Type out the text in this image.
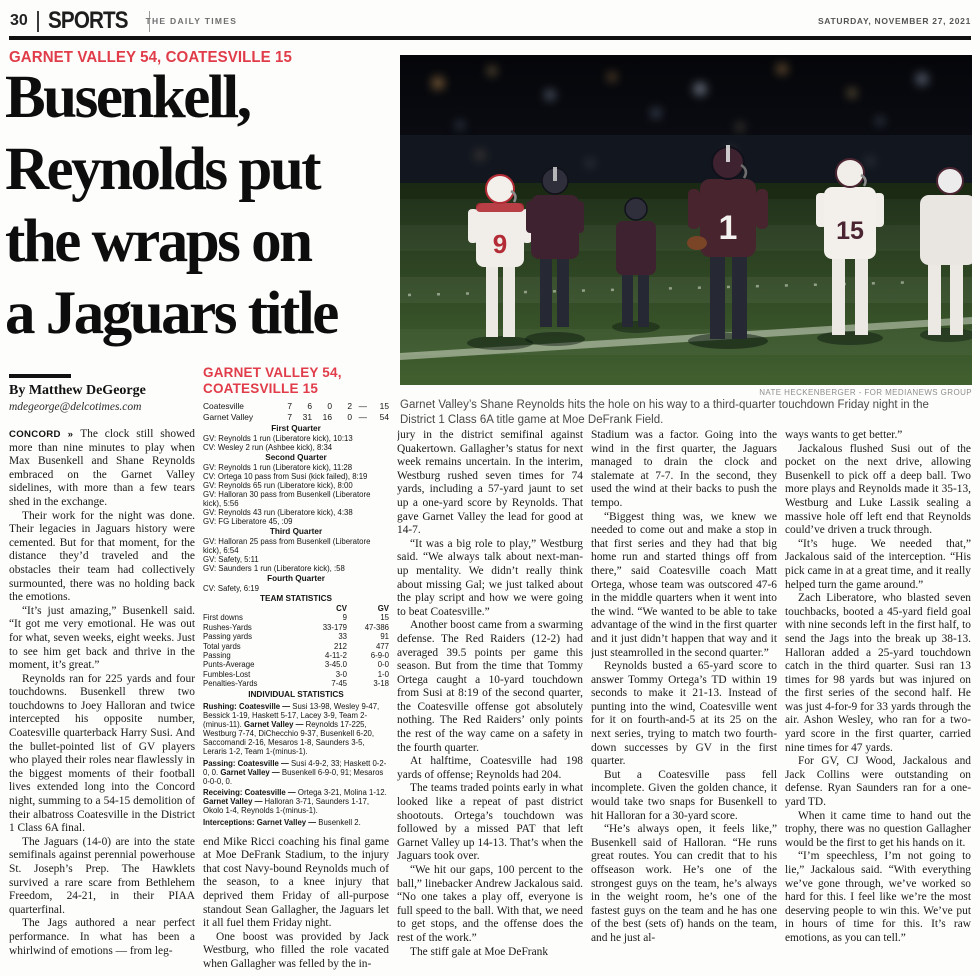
30 SPORTS THE DAILY TIMES	SATURDAY, NOVEMBER 27, 2021
GARNET VALLEY 54, COATESVILLE 15
Busenkell,
Reynolds put
the wraps on
a Jaguars title
By Matthew DeGeorge
mdegeorge@delcotimes.com
9	1	15
NATE HECKENBERGER - FOR MEDIANEWS GROUP
Garnet Valley’s Shane Reynolds hits the hole on his way to a third-quarter touchdown Friday night in the District 1 Class 6A title game at Moe DeFrank Field.

CONCORD » The clock still showed more than nine minutes to play when Max Busenkell and Shane Reynolds embraced on the Garnet Valley sidelines, with more than a few tears shed in the exchange.

Their work for the night was done. Their legacies in Jaguars history were cemented. But for that moment, for the distance they’d traveled and the obstacles their team had collectively surmounted, there was no holding back the emotions.

“It’s just amazing,” Busenkell said. “It got me very emotional. He was out for what, seven weeks, eight weeks. Just to see him get back and thrive in the moment, it’s great.”

Reynolds ran for 225 yards and four touchdowns. Busenkell threw two touchdowns to Joey Halloran and twice intercepted his opposite number, Coatesville quarterback Harry Susi. And the bullet-pointed list of GV players who played their roles near flawlessly in the biggest moments of their football lives extended long into the Concord night, summing to a 54-15 demolition of their albatross Coatesville in the District 1 Class 6A final.

The Jaguars (14-0) are into the state semifinals against perennial powerhouse St. Joseph’s Prep. The Hawklets survived a rare scare from Bethlehem Freedom, 24-21, in their PIAA quarterfinal.

The Jags authored a near perfect performance. In what has been a whirlwind of emotions — from leg-

GARNET VALLEY 54,
COATESVILLE 15
Coatesville	7	6	0	2 —	15
Garnet Valley	7	31	16	0 —	54
First Quarter
GV: Reynolds 1 run (Liberatore kick), 10:13
CV: Wesley 2 run (Ashbee kick), 8:34
Second Quarter
GV: Reynolds 1 run (Liberatore kick), 11:28
CV: Ortega 10 pass from Susi (kick failed), 8:19
GV: Reynolds 65 run (Liberatore kick), 8:00
GV: Halloran 30 pass from Busenkell (Liberatore kick), 5:56
GV: Reynolds 43 run (Liberatore kick), 4:38
GV: FG Liberatore 45, :09
Third Quarter
GV: Halloran 25 pass from Busenkell (Liberatore kick), 6:54
GV: Safety, 5:11
GV: Saunders 1 run (Liberatore kick), :58
Fourth Quarter
CV: Safety, 6:19
TEAM STATISTICS
CV	GV
First downs	9	15
Rushes-Yards	33-179	47-386
Passing yards	33	91
Total yards	212	477
Passing	4-11-2	6-9-0
Punts-Average	3-45.0	0-0
Fumbles-Lost	3-0	1-0
Penalties-Yards	7-45	3-18
INDIVIDUAL STATISTICS

Rushing: Coatesville — Susi 13-98, Wesley 9-47, Bessick 1-19, Haskett 5-17, Lacey 3-9, Team 2-(minus-11). Garnet Valley — Reynolds 17-225, Westburg 7-74, DiChecchio 9-37, Busenkell 6-20, Saccomandi 2-16, Mesaros 1-8, Saunders 3-5, Leraris 1-2, Team 1-(minus-1).

Passing: Coatesville — Susi 4-9-2, 33; Haskett 0-2-0, 0. Garnet Valley — Busenkell 6-9-0, 91; Mesaros 0-0-0, 0.

Receiving: Coatesville — Ortega 3-21, Molina 1-12. Garnet Valley — Halloran 3-71, Saunders 1-17, Okolo 1-4, Reynolds 1-(minus-1).

Interceptions: Garnet Valley — Busenkell 2.

end Mike Ricci coaching his final game at Moe DeFrank Stadium, to the injury that cost Navy-bound Reynolds much of the season, to a knee injury that deprived them Friday of all-purpose standout Sean Gallagher, the Jaguars let it all fuel them Friday night.

One boost was provided by Jack Westburg, who filled the role vacated when Gallagher was felled by the in-

jury in the district semifinal against Quakertown. Gallagher’s status for next week remains uncertain. In the interim, Westburg rushed seven times for 74 yards, including a 57-yard jaunt to set up a one-yard score by Reynolds. That gave Garnet Valley the lead for good at 14-7.

“It was a big role to play,” Westburg said. “We always talk about next-man-up mentality. We didn’t really think about missing Gal; we just talked about the play script and how we were going to beat Coatesville.”

Another boost came from a swarming defense. The Red Raiders (12-2) had averaged 39.5 points per game this season. But from the time that Tommy Ortega caught a 10-yard touchdown from Susi at 8:19 of the second quarter, the Coatesville offense got absolutely nothing. The Red Raiders’ only points the rest of the way came on a safety in the fourth quarter.

At halftime, Coatesville had 198 yards of offense; Reynolds had 204.

The teams traded points early in what looked like a repeat of past district shootouts. Ortega’s touchdown was followed by a missed PAT that left Garnet Valley up 14-13. That’s when the Jaguars took over.

“We hit our gaps, 100 percent to the ball,” linebacker Andrew Jackalous said. “No one takes a play off, everyone is full speed to the ball. With that, we need to get stops, and the offense does the rest of the work.”

The stiff gale at Moe DeFrank

Stadium was a factor. Going into the wind in the first quarter, the Jaguars managed to drain the clock and stalemate at 7-7. In the second, they used the wind at their backs to push the tempo.

“Biggest thing was, we knew we needed to come out and make a stop in that first series and they had that big home run and started things off from there,” said Coatesville coach Matt Ortega, whose team was outscored 47-6 in the middle quarters when it went into the wind. “We wanted to be able to take advantage of the wind in the first quarter and it just didn’t happen that way and it just steamrolled in the second quarter.”

Reynolds busted a 65-yard score to answer Tommy Ortega’s TD within 19 seconds to make it 21-13. Instead of punting into the wind, Coatesville went for it on fourth-and-5 at its 25 on the next series, trying to match two fourth-down successes by GV in the first quarter.

But a Coatesville pass fell incomplete. Given the golden chance, it would take two snaps for Busenkell to hit Halloran for a 30-yard score.

“He’s always open, it feels like,” Busenkell said of Halloran. “He runs great routes. You can credit that to his offseason work. He’s one of the strongest guys on the team, he’s always in the weight room, he’s one of the fastest guys on the team and he has one of the best (sets of) hands on the team, and he just al-

ways wants to get better.”

Jackalous flushed Susi out of the pocket on the next drive, allowing Busenkell to pick off a deep ball. Two more plays and Reynolds made it 35-13, Westburg and Luke Lassik sealing a massive hole off left end that Reynolds could’ve driven a truck through.

“It’s huge. We needed that,” Jackalous said of the interception. “His pick came in at a great time, and it really helped turn the game around.”

Zach Liberatore, who blasted seven touchbacks, booted a 45-yard field goal with nine seconds left in the first half, to send the Jags into the break up 38-13. Halloran added a 25-yard touchdown catch in the third quarter. Susi ran 13 times for 98 yards but was injured on the first series of the second half. He was just 4-for-9 for 33 yards through the air. Ashon Wesley, who ran for a two-yard score in the first quarter, carried nine times for 47 yards.

For GV, CJ Wood, Jackalous and Jack Collins were outstanding on defense. Ryan Saunders ran for a one-yard TD.

When it came time to hand out the trophy, there was no question Gallagher would be the first to get his hands on it.

“I’m speechless, I’m not going to lie,” Jackalous said. “With everything we’ve gone through, we’ve worked so hard for this. I feel like we’re the most deserving people to win this. We’ve put in hours of time for this. It’s raw emotions, as you can tell.”
